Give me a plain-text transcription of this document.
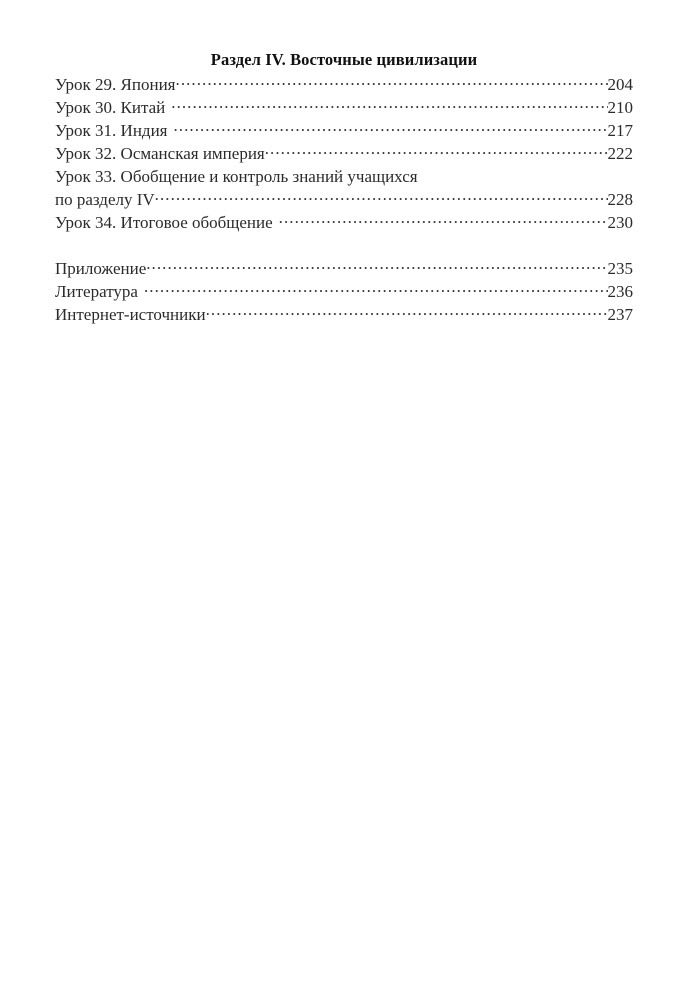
Раздел IV. Восточные цивилизации
Урок 29. Япония .....	204
Урок 30. Китай .....	210
Урок 31. Индия .....	217
Урок 32. Османская империя .....	222
Урок 33. Обобщение и контроль знаний учащихся
по разделу IV .....	228
Урок 34. Итоговое обобщение .....	230
Приложение .....	235
Литература .....	236
Интернет-источники .....	237
